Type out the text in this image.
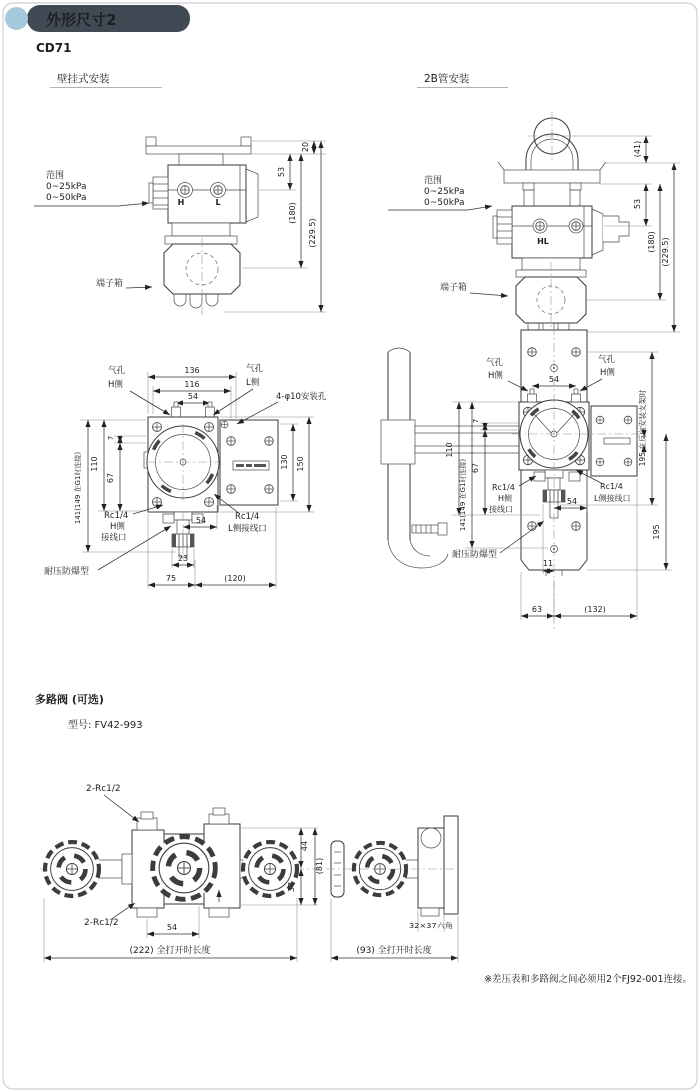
外形尺寸2
CD71
壁挂式安装	2B管安装
H	L
范围
0~25kPa
0~50kPa
端子箱
53
(180)
20
(229.5)
136
116
54
141(149 在G1时连接) 110
7
67
130 150
气孔
H侧
气孔
L侧
4-φ10安装孔
54
23
75	(120)
Rc1/4
H侧
接线口
Rc1/4
L侧接线口
耐压防爆型
HL
范围
0~25kPa
0~50kPa
端子箱
(41)
53
(180) (229.5)
54
气孔
H侧
气孔
H侧
110
141(149 在G1时连接)
7
67
54
Rc1/4
H侧
接线口
Rc1/4
L侧接线口
耐压防爆型
11
63	(132)
195 在反向安装支架时
195
多路阀 (可选)
型号: FV42-993
44
37
(81)
2-Rc1/2
2-Rc1/2	54
(222) 全打开时长度
32×37六角
(93) 全打开时长度
※差压表和多路阀之间必须用2个FJ92-001连接。
